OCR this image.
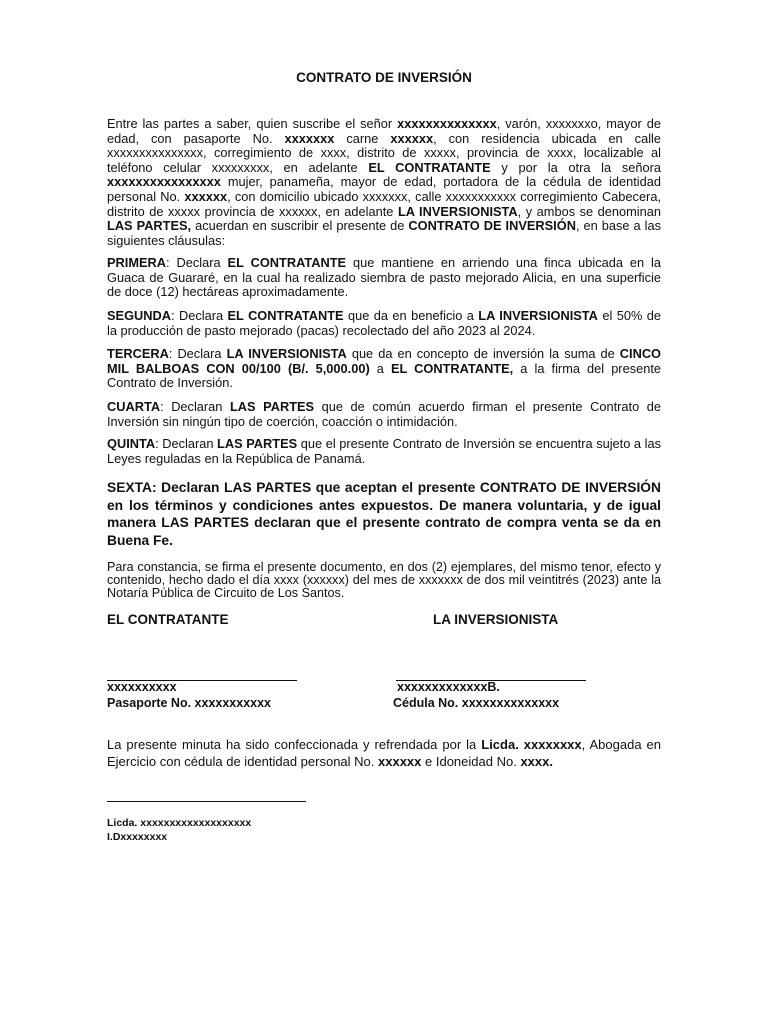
CONTRATO DE INVERSIÓN
Entre las partes a saber, quien suscribe el señor xxxxxxxxxxxxxx, varón, xxxxxxxo, mayor de edad, con pasaporte No. xxxxxxx carne xxxxxx, con residencia ubicada en calle xxxxxxxxxxxxxxx, corregimiento de xxxx, distrito de xxxxx, provincia de xxxx, localizable al teléfono celular xxxxxxxxx, en adelante EL CONTRATANTE y por la otra la señora xxxxxxxxxxxxxxxx mujer, panameña, mayor de edad, portadora de la cédula de identidad personal No. xxxxxx, con domicilio ubicado xxxxxxx, calle xxxxxxxxxxx corregimiento Cabecera, distrito de xxxxx provincia de xxxxxx, en adelante LA INVERSIONISTA, y ambos se denominan LAS PARTES, acuerdan en suscribir el presente de CONTRATO DE INVERSIÓN, en base a las siguientes cláusulas:
PRIMERA: Declara EL CONTRATANTE que mantiene en arriendo una finca ubicada en la Guaca de Guararé, en la cual ha realizado siembra de pasto mejorado Alicia, en una superficie de doce (12) hectáreas aproximadamente.
SEGUNDA: Declara EL CONTRATANTE que da en beneficio a LA INVERSIONISTA el 50% de la producción de pasto mejorado (pacas) recolectado del año 2023 al 2024.
TERCERA: Declara LA INVERSIONISTA que da en concepto de inversión la suma de CINCO MIL BALBOAS CON 00/100 (B/. 5,000.00) a EL CONTRATANTE, a la firma del presente Contrato de Inversión.
CUARTA: Declaran LAS PARTES que de común acuerdo firman el presente Contrato de Inversión sin ningún tipo de coerción, coacción o intimidación.
QUINTA: Declaran LAS PARTES que el presente Contrato de Inversión se encuentra sujeto a las Leyes reguladas en la República de Panamá.
SEXTA: Declaran LAS PARTES que aceptan el presente CONTRATO DE INVERSIÓN en los términos y condiciones antes expuestos. De manera voluntaria, y de igual manera LAS PARTES declaran que el presente contrato de compra venta se da en Buena Fe.
Para constancia, se firma el presente documento, en dos (2) ejemplares, del mismo tenor, efecto y contenido, hecho dado el día xxxx (xxxxxx) del mes de xxxxxxx de dos mil veintitrés (2023) ante la Notaría Pública de Circuito de Los Santos.
EL CONTRATANTE	LA INVERSIONISTA
xxxxxxxxxx
Pasaporte No. xxxxxxxxxxx
xxxxxxxxxxxxxB.
Cédula No. xxxxxxxxxxxxxx
La presente minuta ha sido confeccionada y refrendada por la Licda. xxxxxxxx, Abogada en Ejercicio con cédula de identidad personal No. xxxxxx e Idoneidad No. xxxx.
Licda. xxxxxxxxxxxxxxxxxxx
I.Dxxxxxxxx
